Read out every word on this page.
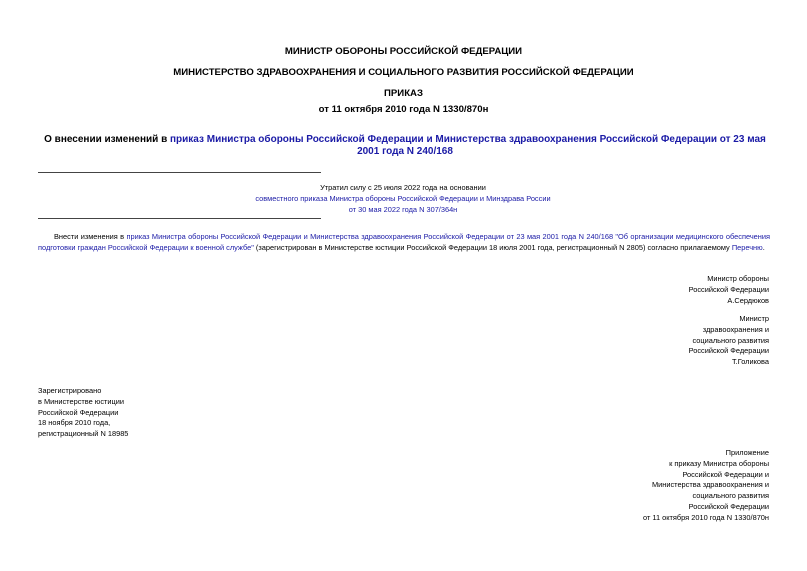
МИНИСТР ОБОРОНЫ РОССИЙСКОЙ ФЕДЕРАЦИИ
МИНИСТЕРСТВО ЗДРАВООХРАНЕНИЯ И СОЦИАЛЬНОГО РАЗВИТИЯ РОССИЙСКОЙ ФЕДЕРАЦИИ
ПРИКАЗ
от 11 октября 2010 года N 1330/870н
О внесении изменений в приказ Министра обороны Российской Федерации и Министерства здравоохранения Российской Федерации от 23 мая 2001 года N 240/168
Утратил силу с 25 июля 2022 года на основании
совместного приказа Министра обороны Российской Федерации и Минздрава России
от 30 мая 2022 года N 307/364н
Внести изменения в приказ Министра обороны Российской Федерации и Министерства здравоохранения Российской Федерации от 23 мая 2001 года N 240/168 "Об организации медицинского обеспечения подготовки граждан Российской Федерации к военной службе" (зарегистрирован в Министерстве юстиции Российской Федерации 18 июля 2001 года, регистрационный N 2805) согласно прилагаемому Перечню.
Министр обороны
Российской Федерации
А.Сердюков
Министр
здравоохранения и
социального развития
Российской Федерации
Т.Голикова
Зарегистрировано
в Министерстве юстиции
Российской Федерации
18 ноября 2010 года,
регистрационный N 18985
Приложение
к приказу Министра обороны
Российской Федерации и
Министерства здравоохранения и
социального развития
Российской Федерации
от 11 октября 2010 года N 1330/870н
